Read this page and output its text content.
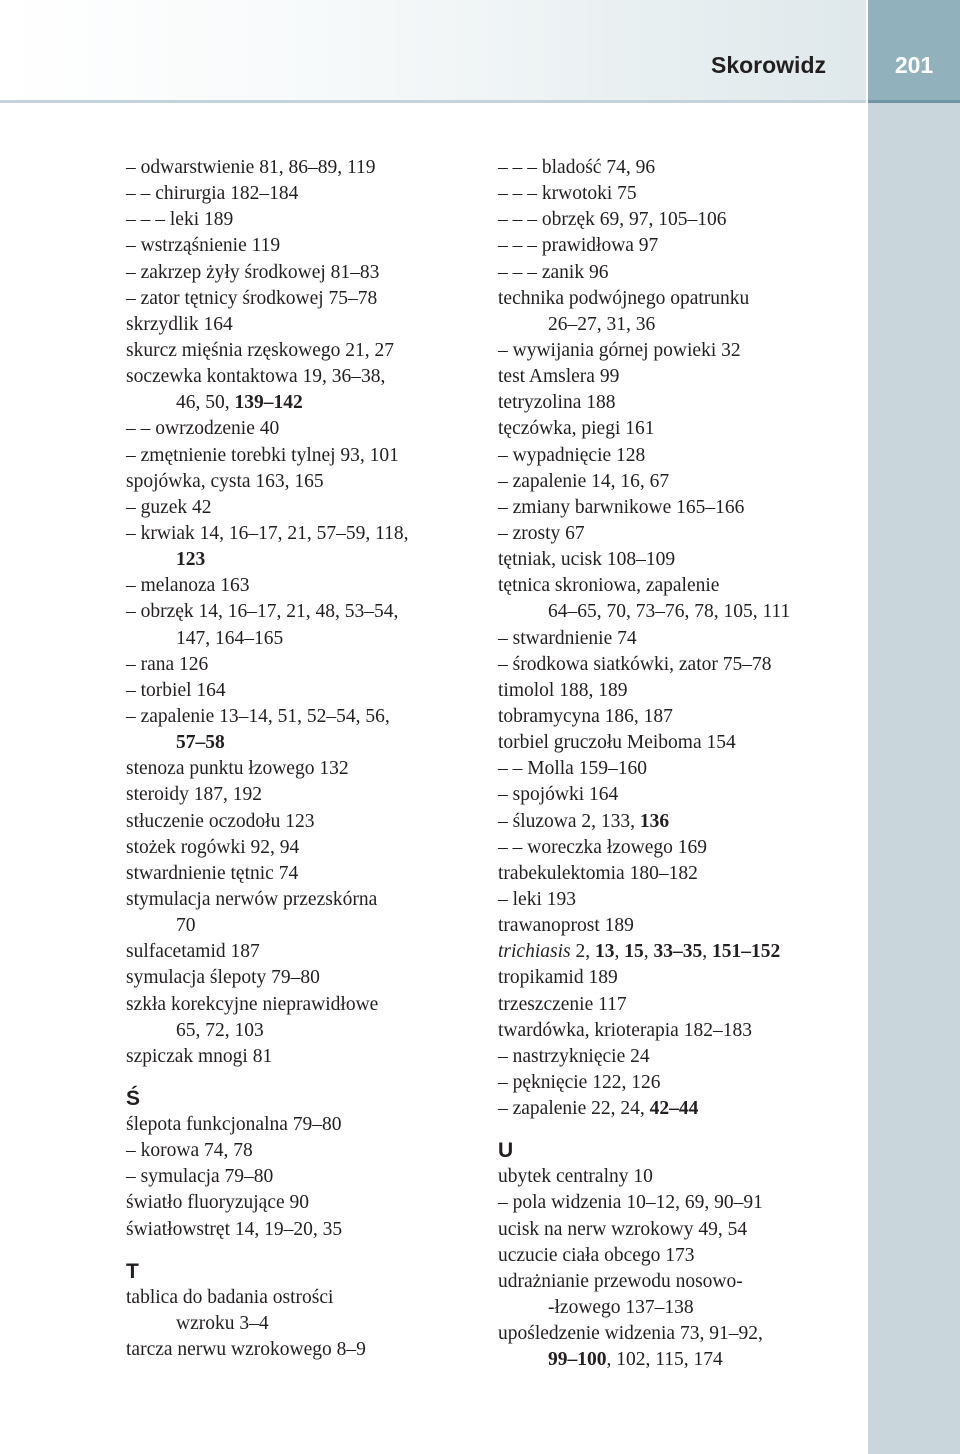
Skorowidz	201
– odwarstwienie 81, 86–89, 119
– – chirurgia 182–184
– – – leki 189
– wstrząśnienie 119
– zakrzep żyły środkowej 81–83
– zator tętnicy środkowej 75–78
skrzydlik 164
skurcz mięśnia rzęskowego 21, 27
soczewka kontaktowa 19, 36–38,
46, 50, 139–142
– – owrzodzenie 40
– zmętnienie torebki tylnej 93, 101
spojówka, cysta 163, 165
– guzek 42
– krwiak 14, 16–17, 21, 57–59, 118,
123
– melanoza 163
– obrzęk 14, 16–17, 21, 48, 53–54,
147, 164–165
– rana 126
– torbiel 164
– zapalenie 13–14, 51, 52–54, 56,
57–58
stenoza punktu łzowego 132
steroidy 187, 192
stłuczenie oczodołu 123
stożek rogówki 92, 94
stwardnienie tętnic 74
stymulacja nerwów przezskórna
70
sulfacetamid 187
symulacja ślepoty 79–80
szkła korekcyjne nieprawidłowe
65, 72, 103
szpiczak mnogi 81
Ś
ślepota funkcjonalna 79–80
– korowa 74, 78
– symulacja 79–80
światło fluoryzujące 90
światłowstręt 14, 19–20, 35
T
tablica do badania ostrości
wzroku 3–4
tarcza nerwu wzrokowego 8–9
– – – bladość 74, 96
– – – krwotoki 75
– – – obrzęk 69, 97, 105–106
– – – prawidłowa 97
– – – zanik 96
technika podwójnego opatrunku
26–27, 31, 36
– wywijania górnej powieki 32
test Amslera 99
tetryzolina 188
tęczówka, piegi 161
– wypadnięcie 128
– zapalenie 14, 16, 67
– zmiany barwnikowe 165–166
– zrosty 67
tętniak, ucisk 108–109
tętnica skroniowa, zapalenie
64–65, 70, 73–76, 78, 105, 111
– stwardnienie 74
– środkowa siatkówki, zator 75–78
timolol 188, 189
tobramycyna 186, 187
torbiel gruczołu Meiboma 154
– – Molla 159–160
– spojówki 164
– śluzowa 2, 133, 136
– – woreczka łzowego 169
trabekulektomia 180–182
– leki 193
trawanoprost 189
trichiasis 2, 13, 15, 33–35, 151–152
tropikamid 189
trzeszczenie 117
twardówka, krioterapia 182–183
– nastrzyknięcie 24
– pęknięcie 122, 126
– zapalenie 22, 24, 42–44
U
ubytek centralny 10
– pola widzenia 10–12, 69, 90–91
ucisk na nerw wzrokowy 49, 54
uczucie ciała obcego 173
udrażnianie przewodu nosowo-
-łzowego 137–138
upośledzenie widzenia 73, 91–92,
99–100, 102, 115, 174
